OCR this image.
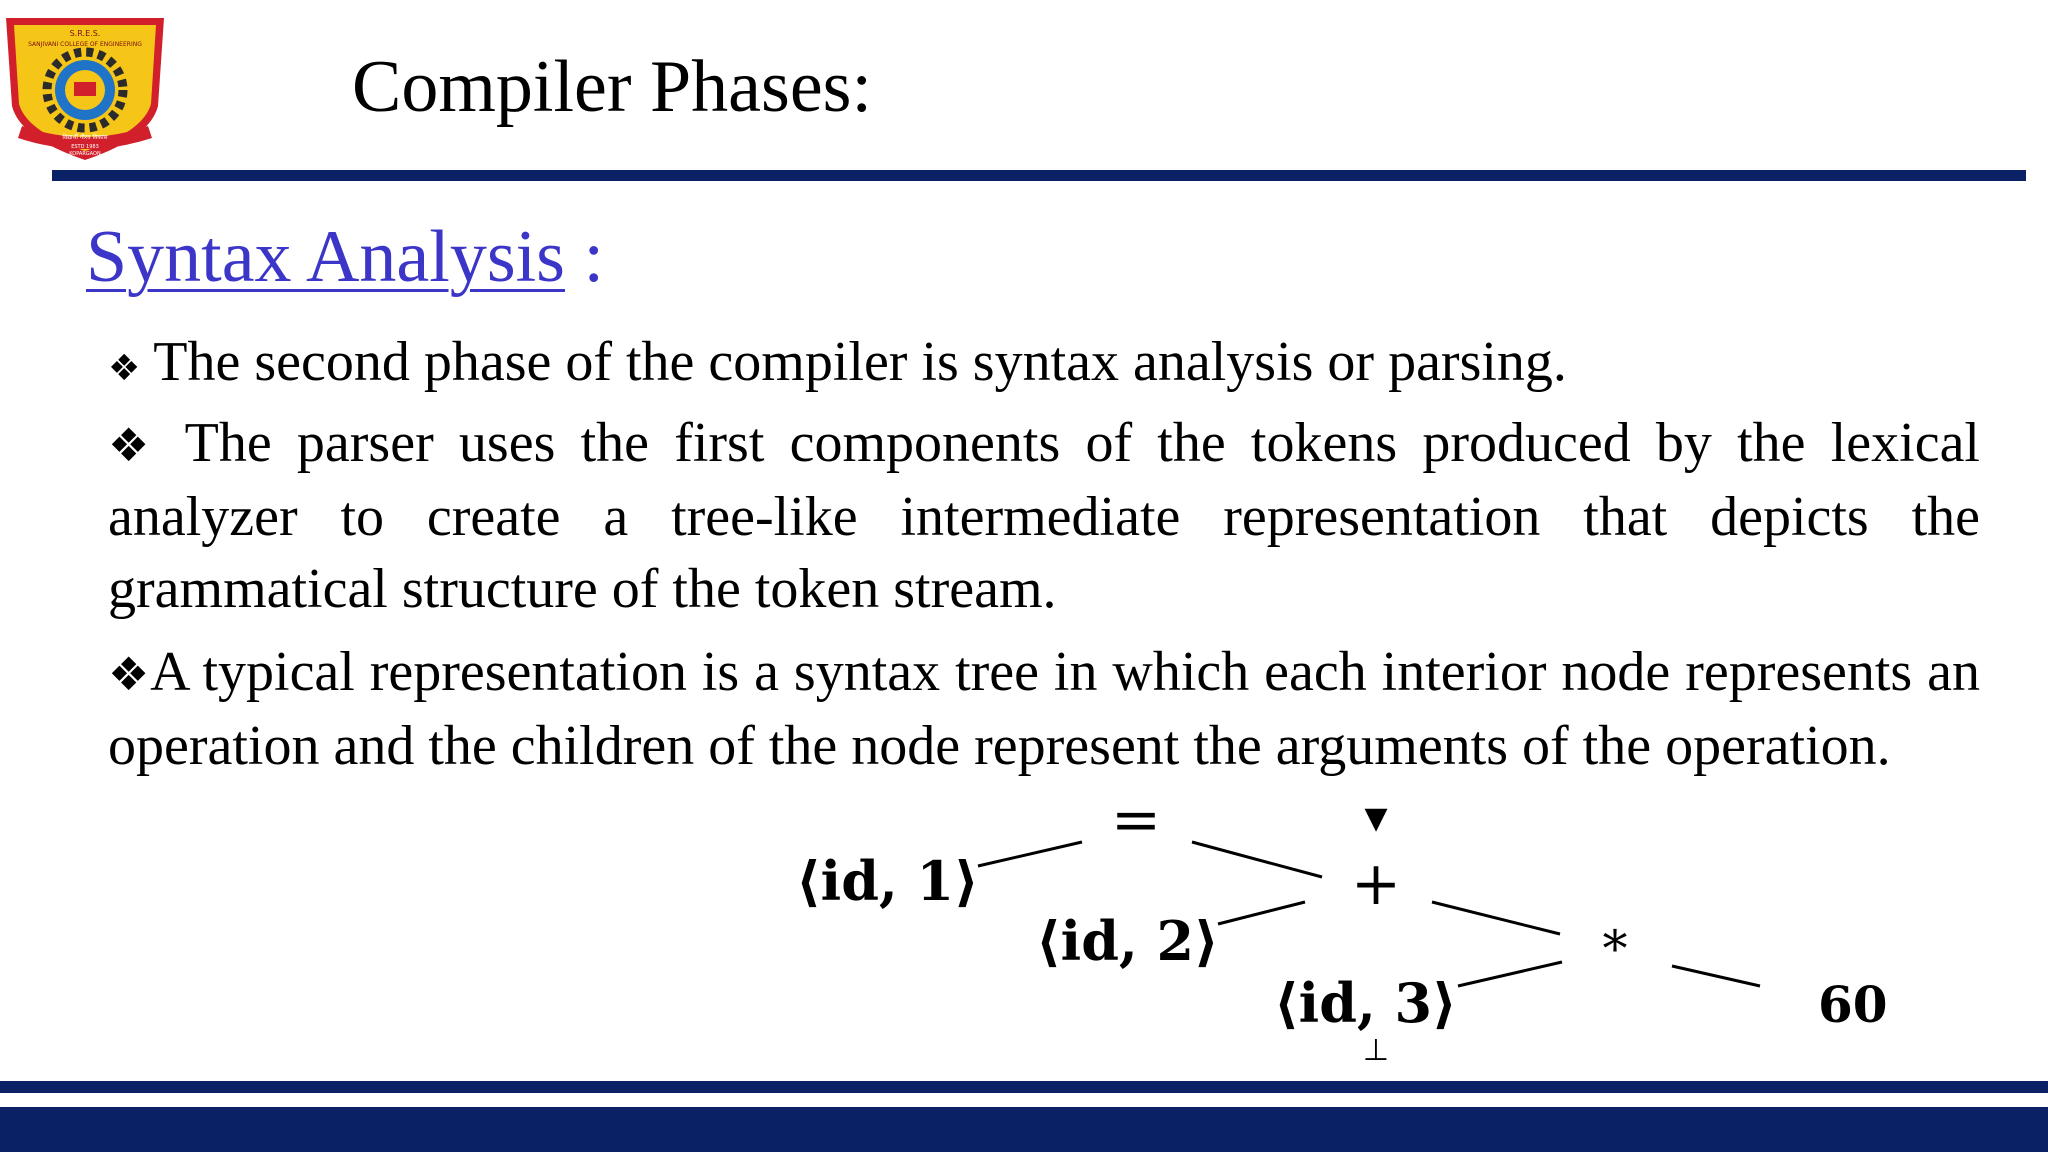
S.R.E.S.
SANJIVANI COLLEGE OF ENGINEERING
विद्यार्थी गौरव विकास
ESTD 1983
KOPARGAON
Compiler Phases:
Syntax Analysis :
❖ The second phase of the compiler is syntax analysis or parsing.
❖ The parser uses the first components of the tokens produced by the lexical analyzer to create a tree-like intermediate representation that depicts the grammatical structure of the token stream.
❖A typical representation is a syntax tree in which each interior node represents an operation and the children of the node represent the arguments of the operation.
=
⟨id, 1⟩	+
⟨id, 2⟩	*
⟨id, 3⟩	60
▼
⊥
